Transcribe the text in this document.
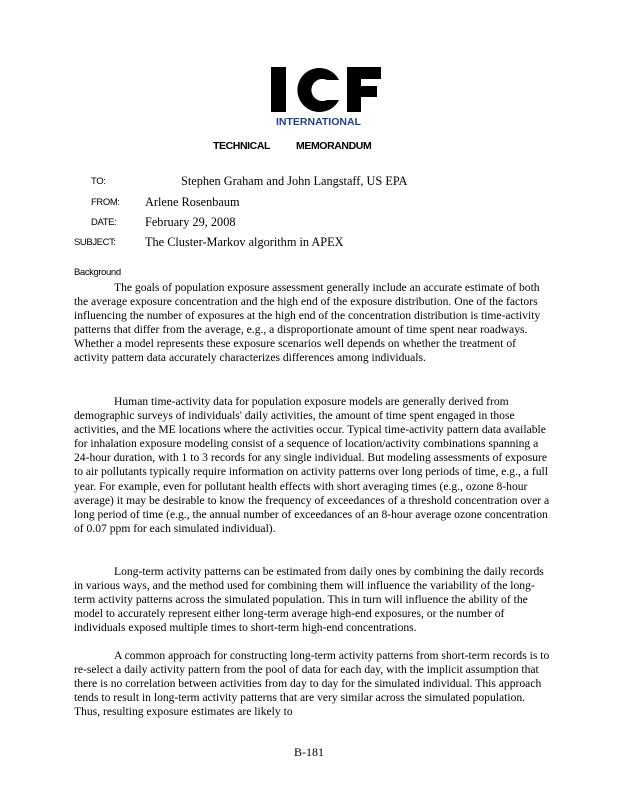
INTERNATIONAL
TECHNICAL MEMORANDUM
TO:	Stephen Graham and John Langstaff, US EPA
FROM: Arlene Rosenbaum
DATE: February 29, 2008
SUBJECT: The Cluster-Markov algorithm in APEX
Background

The goals of population exposure assessment generally include an accurate estimate of both the average exposure concentration and the high end of the exposure distribution. One of the factors influencing the number of exposures at the high end of the concentration distribution is time-activity patterns that differ from the average, e.g., a disproportionate amount of time spent near roadways. Whether a model represents these exposure scenarios well depends on whether the treatment of activity pattern data accurately characterizes differences among individuals.

Human time-activity data for population exposure models are generally derived from demographic surveys of individuals' daily activities, the amount of time spent engaged in those activities, and the ME locations where the activities occur. Typical time-activity pattern data available for inhalation exposure modeling consist of a sequence of location/activity combinations spanning a 24-hour duration, with 1 to 3 records for any single individual. But modeling assessments of exposure to air pollutants typically require information on activity patterns over long periods of time, e.g., a full year. For example, even for pollutant health effects with short averaging times (e.g., ozone 8-hour average) it may be desirable to know the frequency of exceedances of a threshold concentration over a long period of time (e.g., the annual number of exceedances of an 8-hour average ozone concentration of 0.07 ppm for each simulated individual).

Long-term activity patterns can be estimated from daily ones by combining the daily records in various ways, and the method used for combining them will influence the variability of the long-term activity patterns across the simulated population. This in turn will influence the ability of the model to accurately represent either long-term average high-end exposures, or the number of individuals exposed multiple times to short-term high-end concentrations.

A common approach for constructing long-term activity patterns from short-term records is to re-select a daily activity pattern from the pool of data for each day, with the implicit assumption that there is no correlation between activities from day to day for the simulated individual. This approach tends to result in long-term activity patterns that are very similar across the simulated population. Thus, resulting exposure estimates are likely to

B-181
